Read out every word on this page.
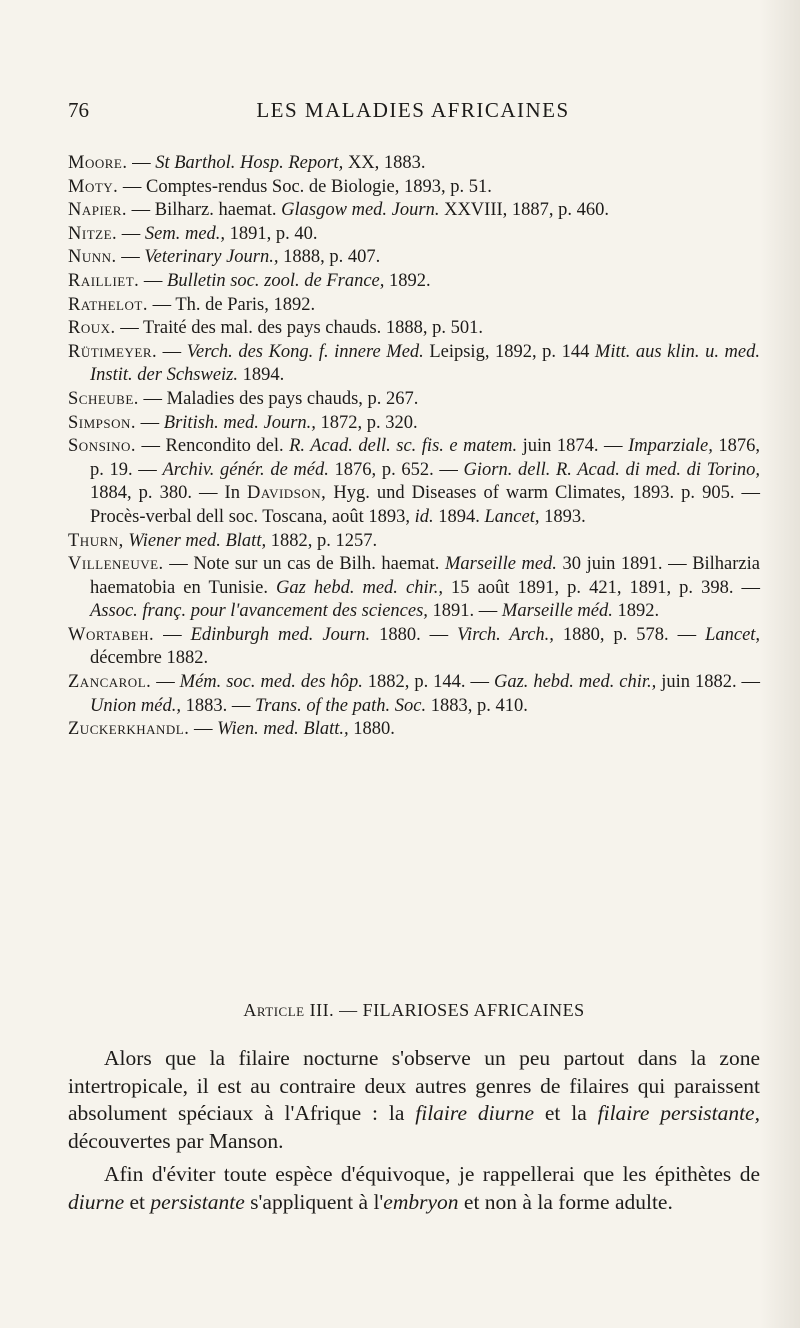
76	LES MALADIES AFRICAINES
Moore. — St Barthol. Hosp. Report, XX, 1883.
Moty. — Comptes-rendus Soc. de Biologie, 1893, p. 51.
Napier. — Bilharz. haemat. Glasgow med. Journ. XXVIII, 1887, p. 460.
Nitze. — Sem. med., 1891, p. 40.
Nunn. — Veterinary Journ., 1888, p. 407.
Railliet. — Bulletin soc. zool. de France, 1892.
Rathelot. — Th. de Paris, 1892.
Roux. — Traité des mal. des pays chauds. 1888, p. 501.
Rütimeyer. — Verch. des Kong. f. innere Med. Leipsig, 1892, p. 144 Mitt. aus klin. u. med. Instit. der Schsweiz. 1894.
Scheube. — Maladies des pays chauds, p. 267.
Simpson. — British. med. Journ., 1872, p. 320.
Sonsino. — Rencondito del. R. Acad. dell. sc. fis. e matem. juin 1874. — Imparziale, 1876, p. 19. — Archiv. génér. de méd. 1876, p. 652. — Giorn. dell. R. Acad. di med. di Torino, 1884, p. 380. — In Davidson, Hyg. und Diseases of warm Climates, 1893. p. 905. — Procès-verbal dell soc. Toscana, août 1893, id. 1894. Lancet, 1893.
Thurn, Wiener med. Blatt, 1882, p. 1257.
Villeneuve. — Note sur un cas de Bilh. haemat. Marseille med. 30 juin 1891. — Bilharzia haematobia en Tunisie. Gaz hebd. med. chir., 15 août 1891, p. 421, 1891, p. 398. — Assoc. franç. pour l'avancement des sciences, 1891. — Marseille méd. 1892.
Wortabeh. — Edinburgh med. Journ. 1880. — Virch. Arch., 1880, p. 578. — Lancet, décembre 1882.
Zancarol. — Mém. soc. med. des hôp. 1882, p. 144. — Gaz. hebd. med. chir., juin 1882. — Union méd., 1883. — Trans. of the path. Soc. 1883, p. 410.
Zuckerkhandl. — Wien. med. Blatt., 1880.
Article III. — FILARIOSES AFRICAINES

Alors que la filaire nocturne s'observe un peu partout dans la zone intertropicale, il est au contraire deux autres genres de filaires qui paraissent absolument spéciaux à l'Afrique : la filaire diurne et la filaire persistante, découvertes par Manson.

Afin d'éviter toute espèce d'équivoque, je rappellerai que les épithètes de diurne et persistante s'appliquent à l'embryon et non à la forme adulte.
